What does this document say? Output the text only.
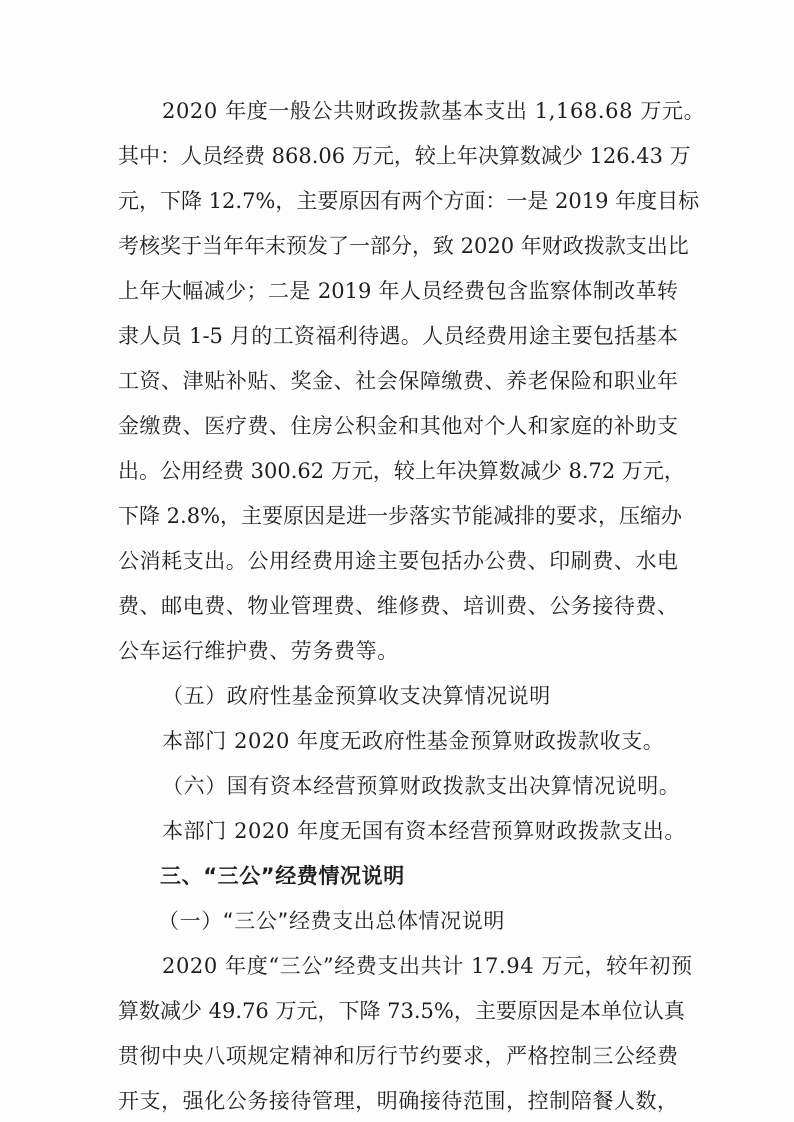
2020 年度一般公共财政拨款基本支出 1,168.68 万元。
其中：人员经费 868.06 万元，较上年决算数减少 126.43 万
元，下降 12.7%，主要原因有两个方面：一是 2019 年度目标
考核奖于当年年末预发了一部分，致 2020 年财政拨款支出比
上年大幅减少；二是 2019 年人员经费包含监察体制改革转
隶人员 1-5 月的工资福利待遇。人员经费用途主要包括基本
工资、津贴补贴、奖金、社会保障缴费、养老保险和职业年
金缴费、医疗费、住房公积金和其他对个人和家庭的补助支
出。公用经费 300.62 万元，较上年决算数减少 8.72 万元，
下降 2.8%，主要原因是进一步落实节能减排的要求，压缩办
公消耗支出。公用经费用途主要包括办公费、印刷费、水电
费、邮电费、物业管理费、维修费、培训费、公务接待费、
公车运行维护费、劳务费等。
（五）政府性基金预算收支决算情况说明
本部门 2020 年度无政府性基金预算财政拨款收支。
（六）国有资本经营预算财政拨款支出决算情况说明。
本部门 2020 年度无国有资本经营预算财政拨款支出。
三、“三公”经费情况说明
（一）“三公”经费支出总体情况说明
2020 年度“三公”经费支出共计 17.94 万元，较年初预
算数减少 49.76 万元，下降 73.5%，主要原因是本单位认真
贯彻中央八项规定精神和厉行节约要求，严格控制三公经费
开支，强化公务接待管理，明确接待范围，控制陪餐人数，
